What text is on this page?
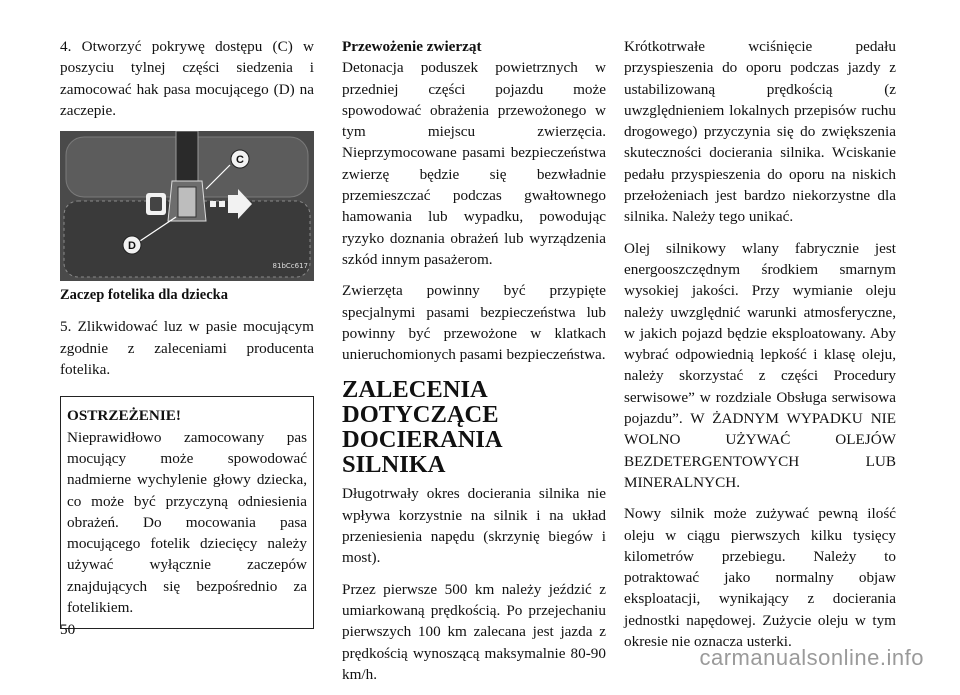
4. Otworzyć pokrywę dostępu (C) w poszyciu tylnej części siedzenia i zamocować hak pasa mocującego (D) na zaczepie.

C
D
81bCc617

Zaczep fotelika dla dziecka

5. Zlikwidować luz w pasie mocującym zgodnie z zaleceniami producenta fotelika.

OSTRZEŻENIE!
Nieprawidłowo zamocowany pas mocujący może spowodować nadmierne wychylenie głowy dziecka, co może być przyczyną odniesienia obrażeń. Do mocowania pasa mocującego fotelik dziecięcy należy używać wyłącznie zaczepów znajdujących się bezpośrednio za fotelikiem.
Przewożenie zwierząt

Detonacja poduszek powietrznych w przedniej części pojazdu może spowodować obrażenia przewożonego w tym miejscu zwierzęcia. Nieprzymocowane pasami bezpieczeństwa zwierzę będzie się bezwładnie przemieszczać podczas gwałtownego hamowania lub wypadku, powodując ryzyko doznania obrażeń lub wyrządzenia szkód innym pasażerom.

Zwierzęta powinny być przypięte specjalnymi pasami bezpieczeństwa lub powinny być przewożone w klatkach unieruchomionych pasami bezpieczeństwa.

ZALECENIA DOTYCZĄCE DOCIERANIA SILNIKA

Długotrwały okres docierania silnika nie wpływa korzystnie na silnik i na układ przeniesienia napędu (skrzynię biegów i most).

Przez pierwsze 500 km należy jeździć z umiarkowaną prędkością. Po przejechaniu pierwszych 100 km zalecana jest jazda z prędkością wynoszącą maksymalnie 80-90 km/h.

Krótkotrwałe wciśnięcie pedału przyspieszenia do oporu podczas jazdy z ustabilizowaną prędkością (z uwzględnieniem lokalnych przepisów ruchu drogowego) przyczynia się do zwiększenia skuteczności docierania silnika. Wciskanie pedału przyspieszenia do oporu na niskich przełożeniach jest bardzo niekorzystne dla silnika. Należy tego unikać.

Olej silnikowy wlany fabrycznie jest energooszczędnym środkiem smarnym wysokiej jakości. Przy wymianie oleju należy uwzględnić warunki atmosferyczne, w jakich pojazd będzie eksploatowany. Aby wybrać odpowiednią lepkość i klasę oleju, należy skorzystać z części Procedury serwisowe” w rozdziale Obsługa serwisowa pojazdu”. W ŻADNYM WYPADKU NIE WOLNO UŻYWAĆ OLEJÓW BEZDETERGENTOWYCH LUB MINERALNYCH.

Nowy silnik może zużywać pewną ilość oleju w ciągu pierwszych kilku tysięcy kilometrów przebiegu. Należy to potraktować jako normalny objaw eksploatacji, wynikający z docierania jednostki napędowej. Zużycie oleju w tym okresie nie oznacza usterki.

50
carmanualsonline.info
